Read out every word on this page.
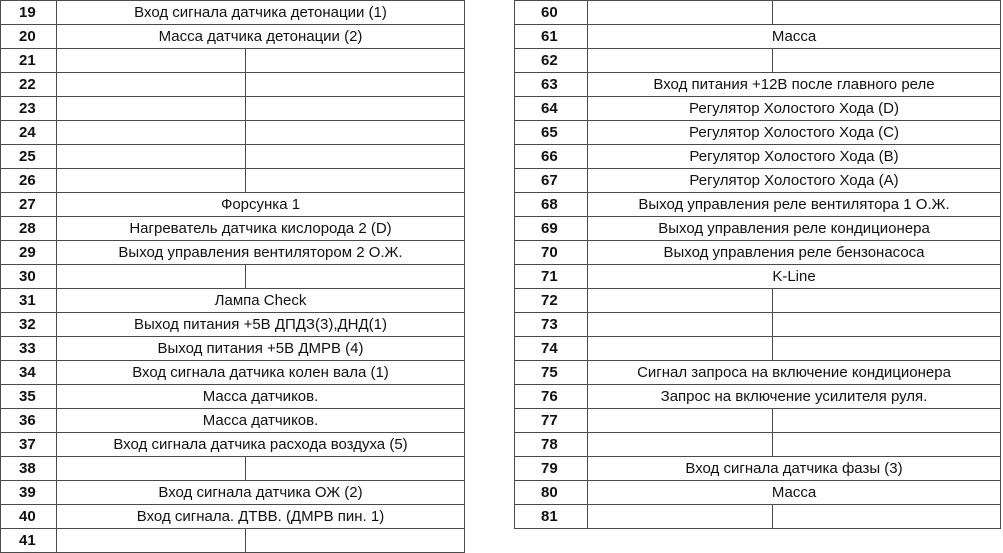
19	Вход сигнала датчика детонации (1)	
20	Масса датчика детонации (2)	
21		
22		
23		
24		
25		
26		
27	Форсунка 1	
28	Нагреватель датчика кислорода 2 (D)	
29	Выход управления вентилятором 2 О.Ж.	
30		
31	Лампа Check	
32	Выход питания +5В ДПДЗ(3),ДНД(1)	
33	Выход питания +5В ДМРВ (4)	
34	Вход сигнала датчика колен вала (1)	
35	Масса датчиков.	
36	Масса датчиков.	
37	Вход сигнала датчика расхода воздуха (5)	
38		
39	Вход сигнала датчика ОЖ (2)	
40	Вход сигнала. ДТВВ. (ДМРВ пин. 1)	
41		
60		
61	Масса	
62		
63	Вход питания +12В после главного реле	
64	Регулятор Холостого Хода (D)	
65	Регулятор Холостого Хода (С)	
66	Регулятор Холостого Хода (В)	
67	Регулятор Холостого Хода (А)	
68	Выход управления реле вентилятора 1 О.Ж.	
69	Выход управления реле кондиционера	
70	Выход управления реле бензонасоса	
71	K-Line	
72		
73		
74		
75	Сигнал запроса на включение кондиционера	
76	Запрос на включение усилителя руля.	
77		
78		
79	Вход сигнала датчика фазы (3)	
80	Масса	
81		
